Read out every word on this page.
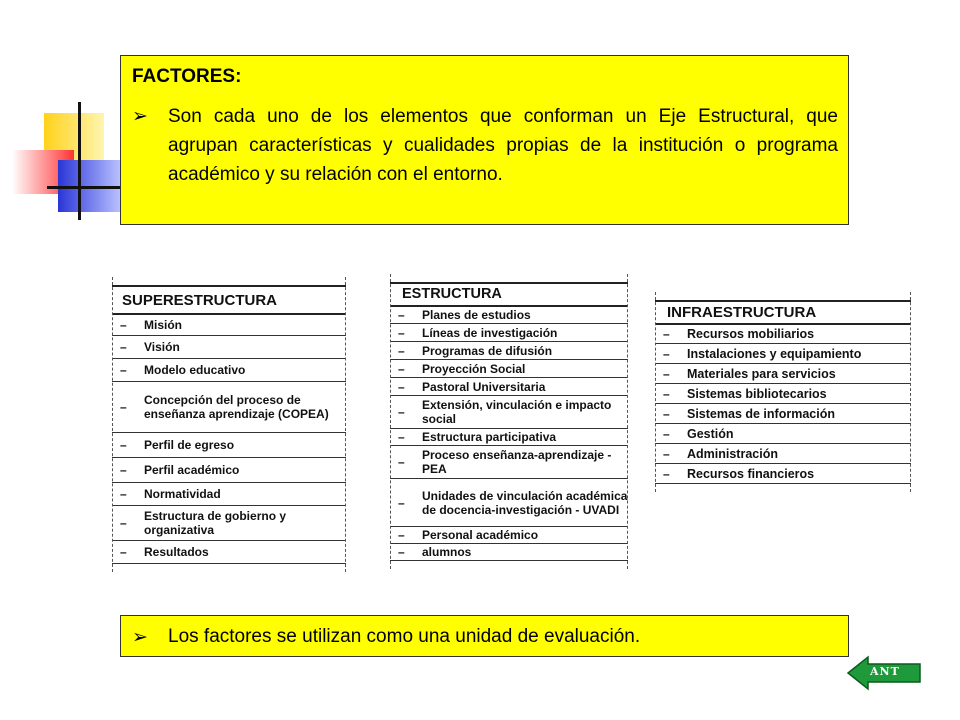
FACTORES:
➢	Son cada uno de los elementos que conforman un Eje Estructural, que agrupan características y cualidades propias de la institución o programa académico y su relación con el entorno.
SUPERESTRUCTURA
–	Misión
–	Visión
–	Modelo educativo
–	Concepción del proceso de enseñanza aprendizaje (COPEA)
–	Perfil de egreso
–	Perfil académico
–	Normatividad
–	Estructura de gobierno y organizativa
–	Resultados
ESTRUCTURA
–	Planes de estudios
–	Líneas de investigación
–	Programas de difusión
–	Proyección Social
–	Pastoral Universitaria
–	Extensión, vinculación e impacto social
–	Estructura participativa
–	Proceso enseñanza-aprendizaje - PEA
–	Unidades de vinculación académica de docencia-investigación - UVADI
–	Personal académico
–	alumnos
INFRAESTRUCTURA
–	Recursos mobiliarios
–	Instalaciones y equipamiento
–	Materiales para servicios
–	Sistemas bibliotecarios
–	Sistemas de información
–	Gestión
–	Administración
–	Recursos financieros
➢	Los factores se utilizan como una unidad de evaluación.
ANT
